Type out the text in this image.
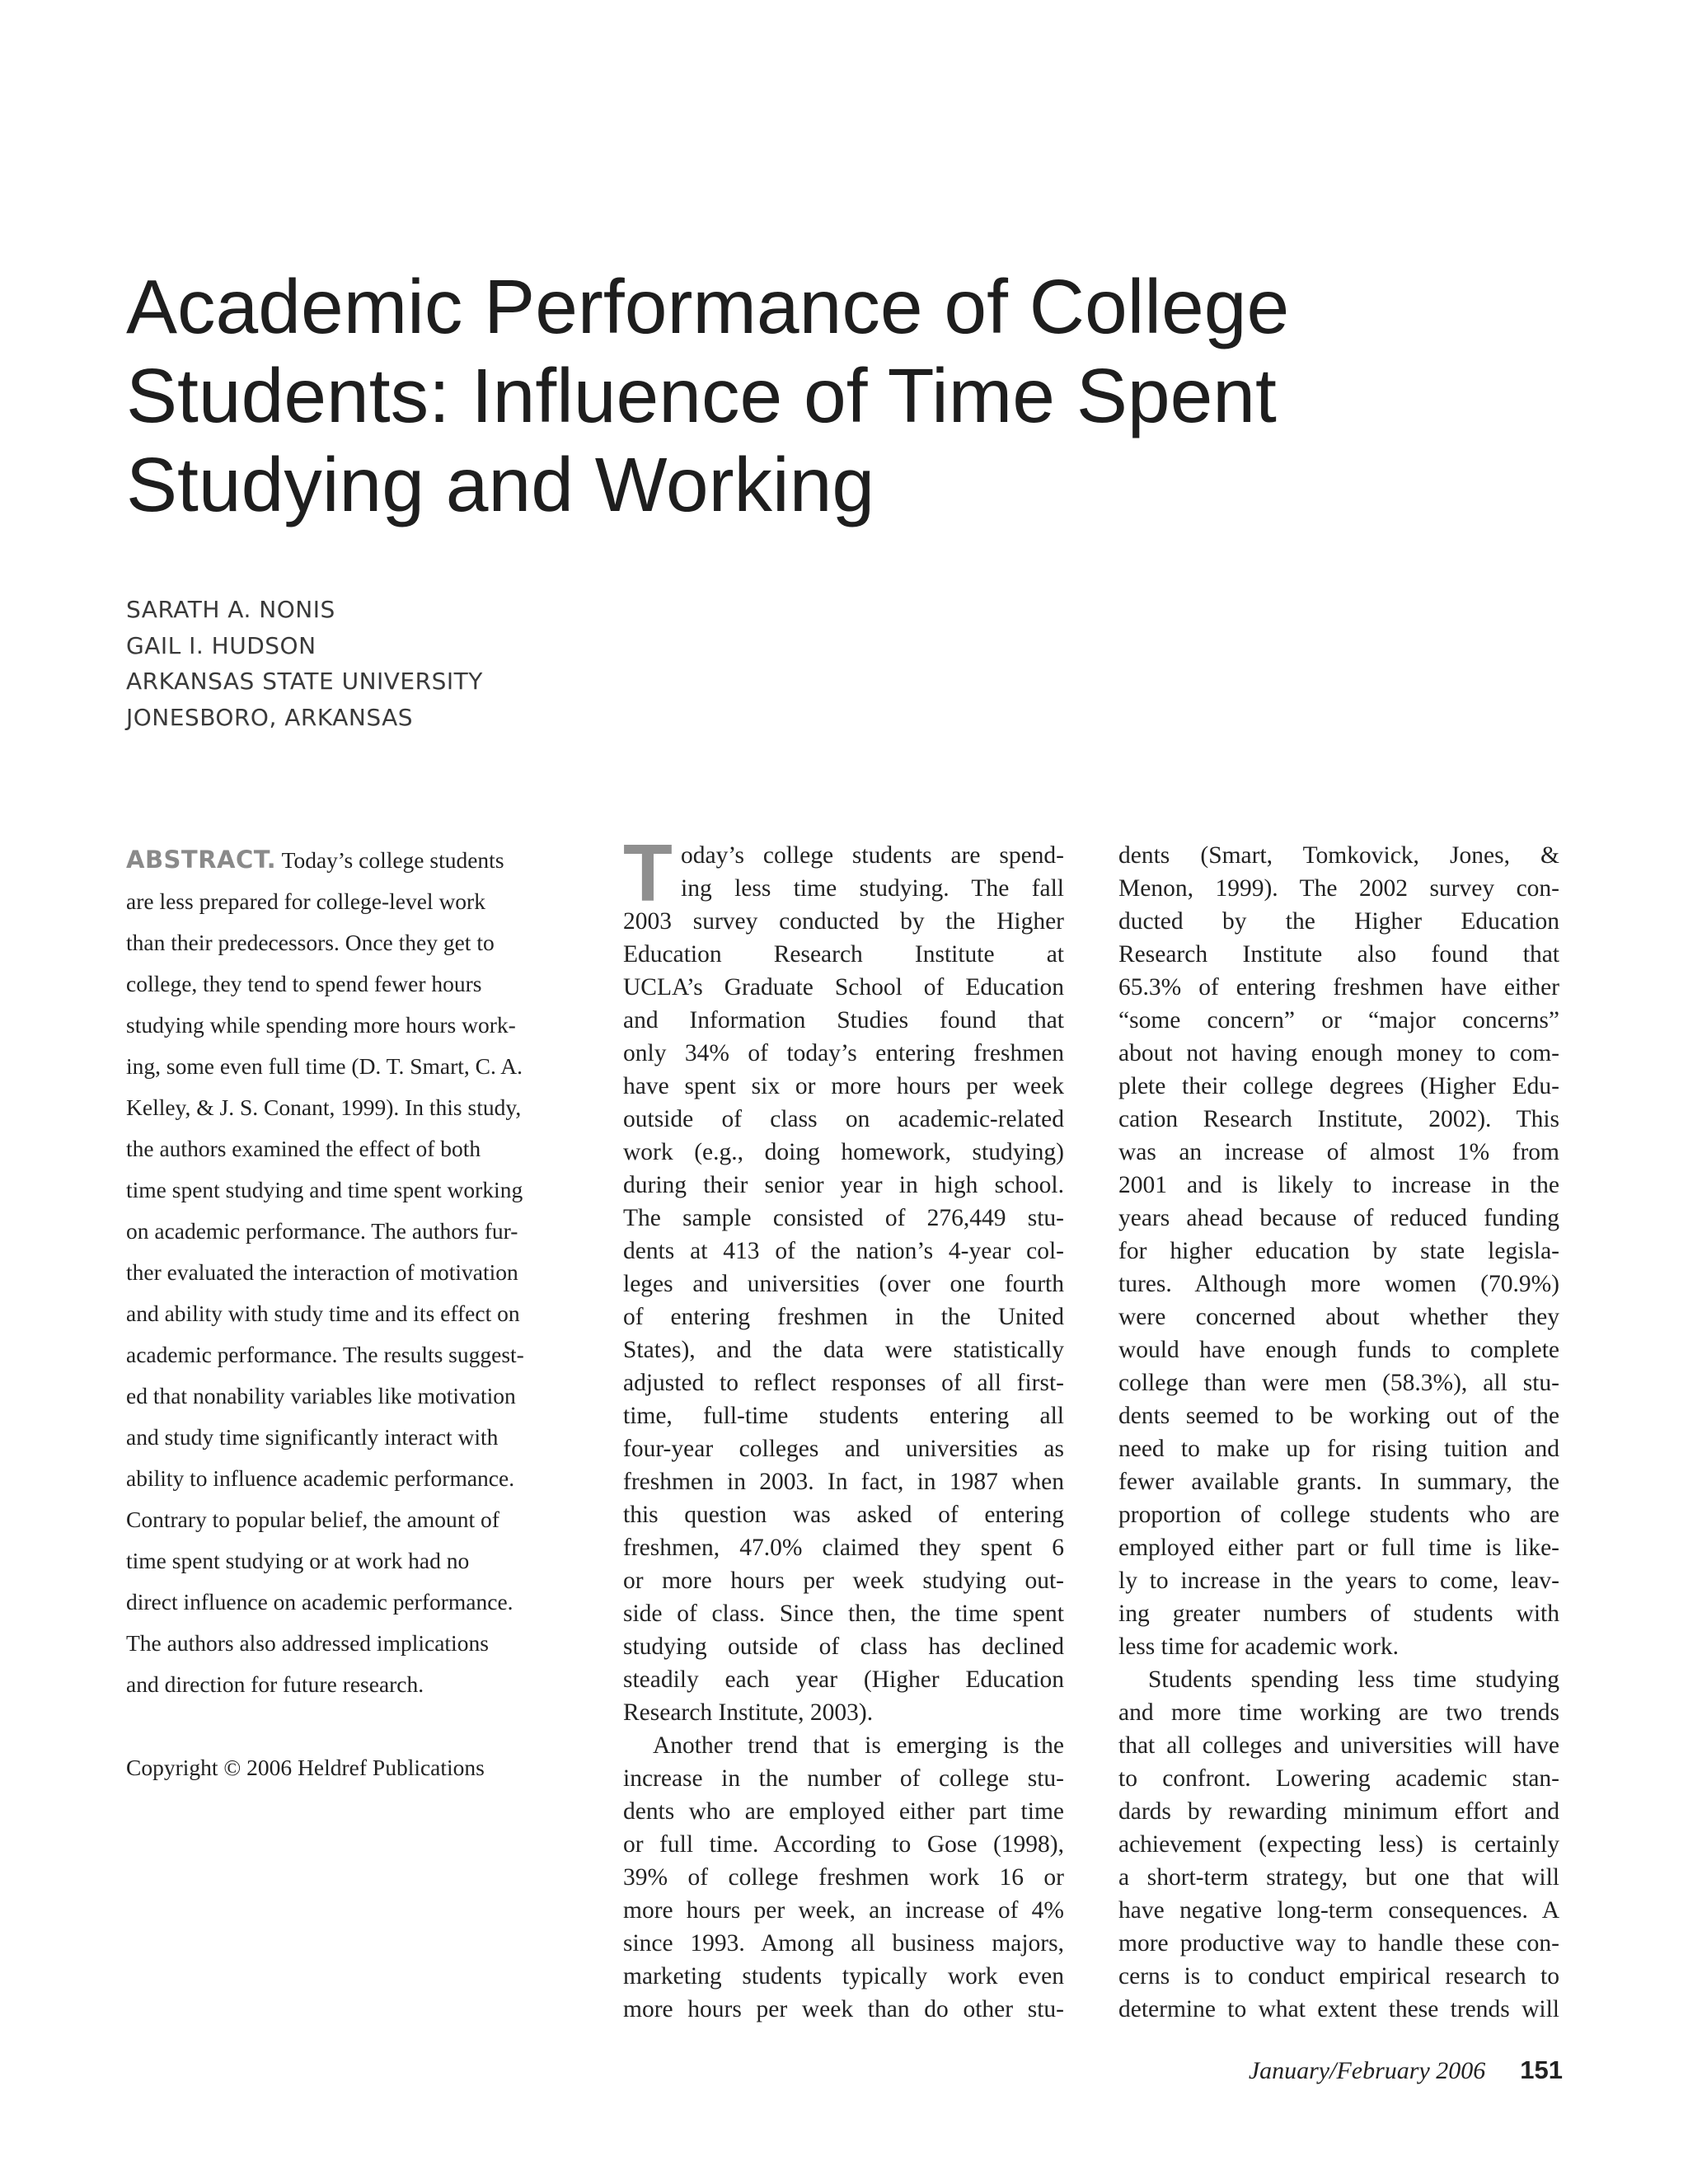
Academic Performance of College
Students: Influence of Time Spent
Studying and Working
SARATH A. NONIS
GAIL I. HUDSON
ARKANSAS STATE UNIVERSITY
JONESBORO, ARKANSAS
ABSTRACT. Today’s college students
are less prepared for college-level work
than their predecessors. Once they get to
college, they tend to spend fewer hours
studying while spending more hours work-
ing, some even full time (D. T. Smart, C. A.
Kelley, & J. S. Conant, 1999). In this study,
the authors examined the effect of both
time spent studying and time spent working
on academic performance. The authors fur-
ther evaluated the interaction of motivation
and ability with study time and its effect on
academic performance. The results suggest-
ed that nonability variables like motivation
and study time significantly interact with
ability to influence academic performance.
Contrary to popular belief, the amount of
time spent studying or at work had no
direct influence on academic performance.
The authors also addressed implications
and direction for future research.
Copyright © 2006 Heldref Publications
T oday’s college students are spend-
ing less time studying. The fall
2003 survey conducted by the Higher
Education Research Institute at
UCLA’s Graduate School of Education
and Information Studies found that
only 34% of today’s entering freshmen
have spent six or more hours per week
outside of class on academic-related
work (e.g., doing homework, studying)
during their senior year in high school.
The sample consisted of 276,449 stu-
dents at 413 of the nation’s 4-year col-
leges and universities (over one fourth
of entering freshmen in the United
States), and the data were statistically
adjusted to reflect responses of all first-
time, full-time students entering all
four-year colleges and universities as
freshmen in 2003. In fact, in 1987 when
this question was asked of entering
freshmen, 47.0% claimed they spent 6
or more hours per week studying out-
side of class. Since then, the time spent
studying outside of class has declined
steadily each year (Higher Education
Research Institute, 2003).
Another trend that is emerging is the
increase in the number of college stu-
dents who are employed either part time
or full time. According to Gose (1998),
39% of college freshmen work 16 or
more hours per week, an increase of 4%
since 1993. Among all business majors,
marketing students typically work even
more hours per week than do other stu-
dents (Smart, Tomkovick, Jones, &
Menon, 1999). The 2002 survey con-
ducted by the Higher Education
Research Institute also found that
65.3% of entering freshmen have either
“some concern” or “major concerns”
about not having enough money to com-
plete their college degrees (Higher Edu-
cation Research Institute, 2002). This
was an increase of almost 1% from
2001 and is likely to increase in the
years ahead because of reduced funding
for higher education by state legisla-
tures. Although more women (70.9%)
were concerned about whether they
would have enough funds to complete
college than were men (58.3%), all stu-
dents seemed to be working out of the
need to make up for rising tuition and
fewer available grants. In summary, the
proportion of college students who are
employed either part or full time is like-
ly to increase in the years to come, leav-
ing greater numbers of students with
less time for academic work.
Students spending less time studying
and more time working are two trends
that all colleges and universities will have
to confront. Lowering academic stan-
dards by rewarding minimum effort and
achievement (expecting less) is certainly
a short-term strategy, but one that will
have negative long-term consequences. A
more productive way to handle these con-
cerns is to conduct empirical research to
determine to what extent these trends will
January/February 2006 151
